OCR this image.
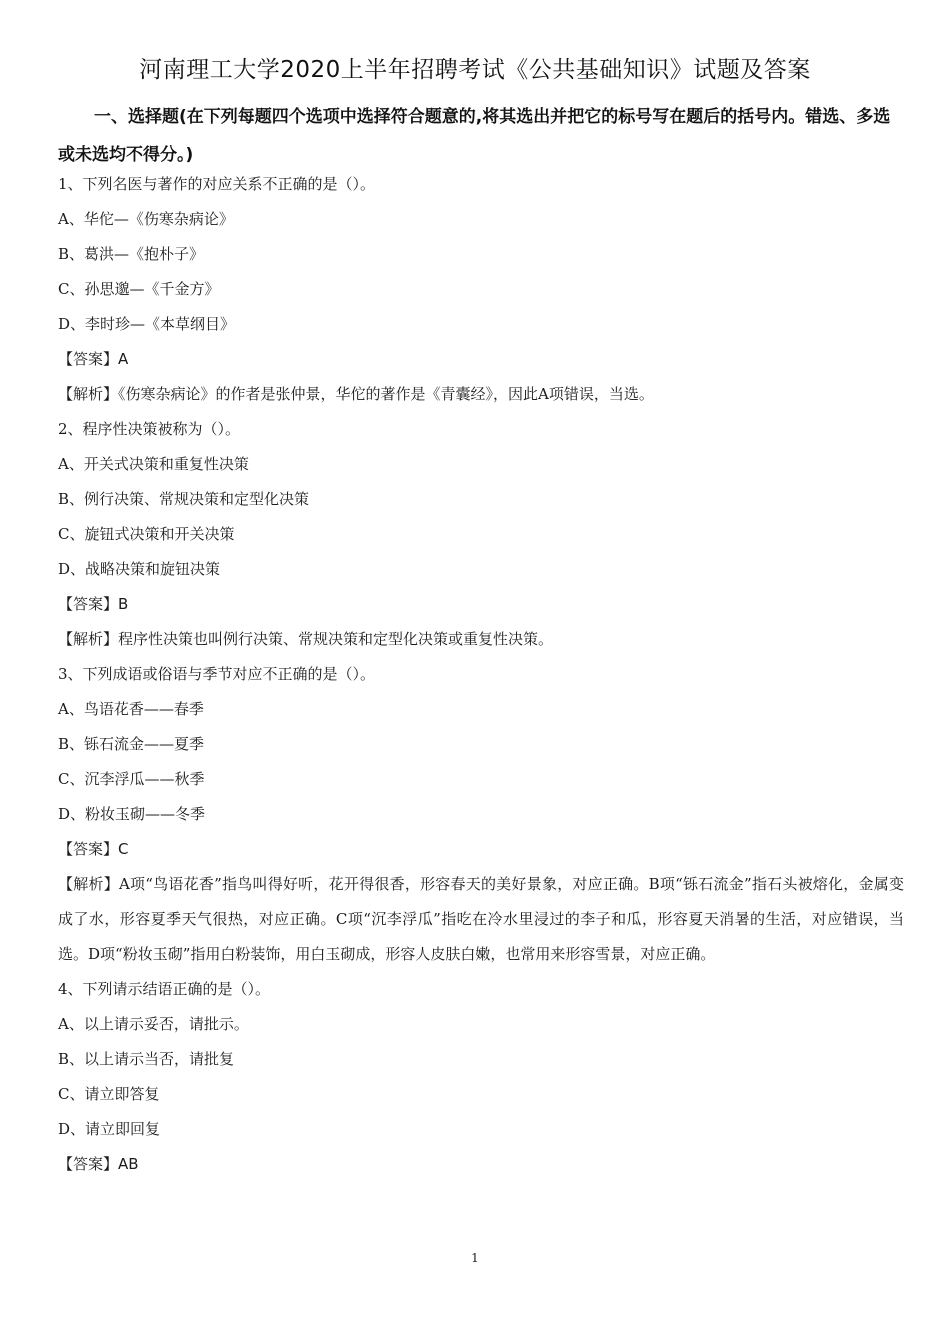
河南理工大学2020上半年招聘考试《公共基础知识》试题及答案
一、选择题(在下列每题四个选项中选择符合题意的,将其选出并把它的标号写在题后的括号内。错选、多选或未选均不得分。)
1、下列名医与著作的对应关系不正确的是（）。
A、华佗—《伤寒杂病论》
B、葛洪—《抱朴子》
C、孙思邈—《千金方》
D、李时珍—《本草纲目》
【答案】A
【解析】《伤寒杂病论》的作者是张仲景，华佗的著作是《青囊经》，因此A项错误，当选。
2、程序性决策被称为（）。
A、开关式决策和重复性决策
B、例行决策、常规决策和定型化决策
C、旋钮式决策和开关决策
D、战略决策和旋钮决策
【答案】B
【解析】程序性决策也叫例行决策、常规决策和定型化决策或重复性决策。
3、下列成语或俗语与季节对应不正确的是（）。
A、鸟语花香——春季
B、铄石流金——夏季
C、沉李浮瓜——秋季
D、粉妆玉砌——冬季
【答案】C
【解析】A项“鸟语花香”指鸟叫得好听，花开得很香，形容春天的美好景象，对应正确。B项“铄石流金”指石头被熔化，金属变成了水，形容夏季天气很热，对应正确。C项“沉李浮瓜”指吃在冷水里浸过的李子和瓜，形容夏天消暑的生活，对应错误，当选。D项“粉妆玉砌”指用白粉装饰，用白玉砌成，形容人皮肤白嫩，也常用来形容雪景，对应正确。
4、下列请示结语正确的是（）。
A、以上请示妥否，请批示。
B、以上请示当否，请批复
C、请立即答复
D、请立即回复
【答案】AB
1
